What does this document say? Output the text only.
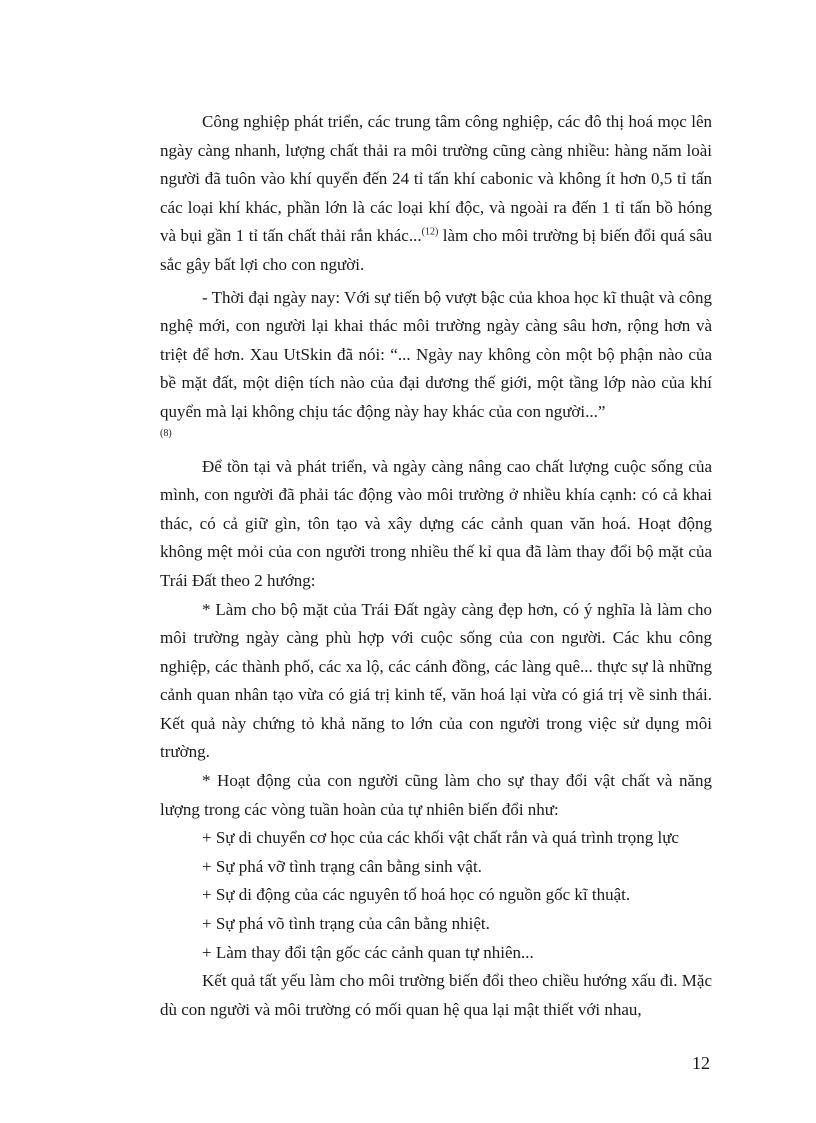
Công nghiệp phát triển, các trung tâm công nghiệp, các đô thị hoá mọc lên ngày càng nhanh, lượng chất thải ra môi trường cũng càng nhiều: hàng năm loài người đã tuôn vào khí quyển đến 24 tỉ tấn khí cabonic và không ít hơn 0,5 tỉ tấn các loại khí khác, phần lớn là các loại khí độc, và ngoài ra đến 1 tỉ tấn bồ hóng và bụi gần 1 tỉ tấn chất thải rắn khác...$^{(12)}$ làm cho môi trường bị biến đổi quá sâu sắc gây bất lợi cho con người.

- Thời đại ngày nay: Với sự tiến bộ vượt bậc của khoa học kĩ thuật và công nghệ mới, con người lại khai thác môi trường ngày càng sâu hơn, rộng hơn và triệt để hơn. Xau UtSkin đã nói: “... Ngày nay không còn một bộ phận nào của bề mặt đất, một diện tích nào của đại dương thế giới, một tầng lớp nào của khí quyển mà lại không chịu tác động này hay khác của con người...”

(8)

Để tồn tại và phát triển, và ngày càng nâng cao chất lượng cuộc sống của mình, con người đã phải tác động vào môi trường ở nhiều khía cạnh: có cả khai thác, có cả giữ gìn, tôn tạo và xây dựng các cảnh quan văn hoá. Hoạt động không mệt mỏi của con người trong nhiều thế kỉ qua đã làm thay đổi bộ mặt của Trái Đất theo 2 hướng:

* Làm cho bộ mặt của Trái Đất ngày càng đẹp hơn, có ý nghĩa là làm cho môi trường ngày càng phù hợp với cuộc sống của con người. Các khu công nghiệp, các thành phố, các xa lộ, các cánh đồng, các làng quê... thực sự là những cảnh quan nhân tạo vừa có giá trị kinh tế, văn hoá lại vừa có giá trị về sinh thái. Kết quả này chứng tỏ khả năng to lớn của con người trong việc sử dụng môi trường.

* Hoạt động của con người cũng làm cho sự thay đổi vật chất và năng lượng trong các vòng tuần hoàn của tự nhiên biến đổi như:

+ Sự di chuyển cơ học của các khối vật chất rắn và quá trình trọng lực

+ Sự phá vỡ tình trạng cân bằng sinh vật.

+ Sự di động của các nguyên tố hoá học có nguồn gốc kĩ thuật.

+ Sự phá võ tình trạng của cân bằng nhiệt.

+ Làm thay đổi tận gốc các cảnh quan tự nhiên...

Kết quả tất yếu làm cho môi trường biến đổi theo chiều hướng xấu đi. Mặc dù con người và môi trường có mối quan hệ qua lại mật thiết với nhau,

12
